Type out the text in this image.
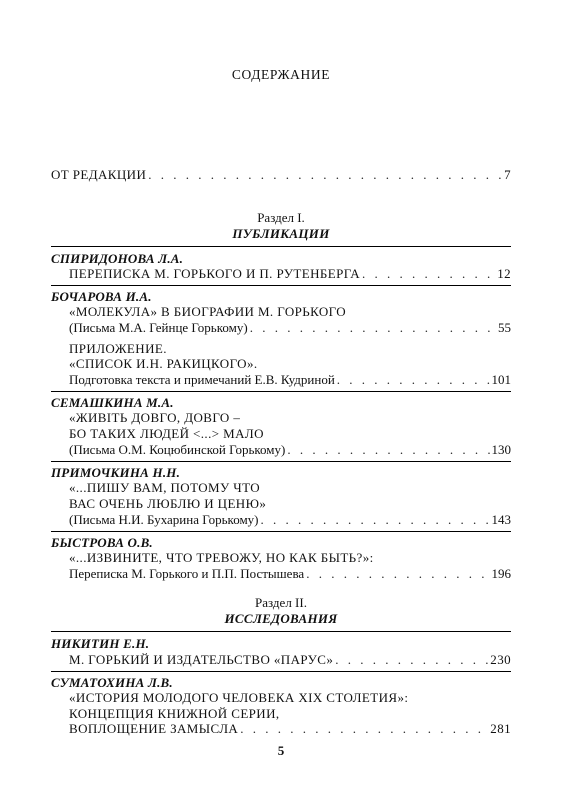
СОДЕРЖАНИЕ
ОТ РЕДАКЦИИ . . .	7
Раздел I.
ПУБЛИКАЦИИ
СПИРИДОНОВА Л.А.
ПЕРЕПИСКА М. ГОРЬКОГО И П. РУТЕНБЕРГА . . .	12
БОЧАРОВА И.А.
«МОЛЕКУЛА» В БИОГРАФИИ М. ГОРЬКОГО
(Письма М.А. Гейнце Горькому) . . .	55
ПРИЛОЖЕНИЕ.
«СПИСОК И.Н. РАКИЦКОГО».
Подготовка текста и примечаний Е.В. Кудриной . . .	101
СЕМАШКИНА М.А.
«ЖИВІТЬ ДОВГО, ДОВГО –
БО ТАКИХ ЛЮДЕЙ <...> МАЛО
(Письма О.М. Коцюбинской Горькому) . . .	130
ПРИМОЧКИНА Н.Н.
«...ПИШУ ВАМ, ПОТОМУ ЧТО
ВАС ОЧЕНЬ ЛЮБЛЮ И ЦЕНЮ»
(Письма Н.И. Бухарина Горькому) . . .	143
БЫСТРОВА О.В.
«...ИЗВИНИТЕ, ЧТО ТРЕВОЖУ, НО КАК БЫТЬ?»:
Переписка М. Горького и П.П. Постышева . . .	196
Раздел II.
ИССЛЕДОВАНИЯ
НИКИТИН Е.Н.
М. ГОРЬКИЙ И ИЗДАТЕЛЬСТВО «ПАРУС» . . .	230
СУМАТОХИНА Л.В.
«ИСТОРИЯ МОЛОДОГО ЧЕЛОВЕКА XIX СТОЛЕТИЯ»:
КОНЦЕПЦИЯ КНИЖНОЙ СЕРИИ,
ВОПЛОЩЕНИЕ ЗАМЫСЛА . . .	281
5
